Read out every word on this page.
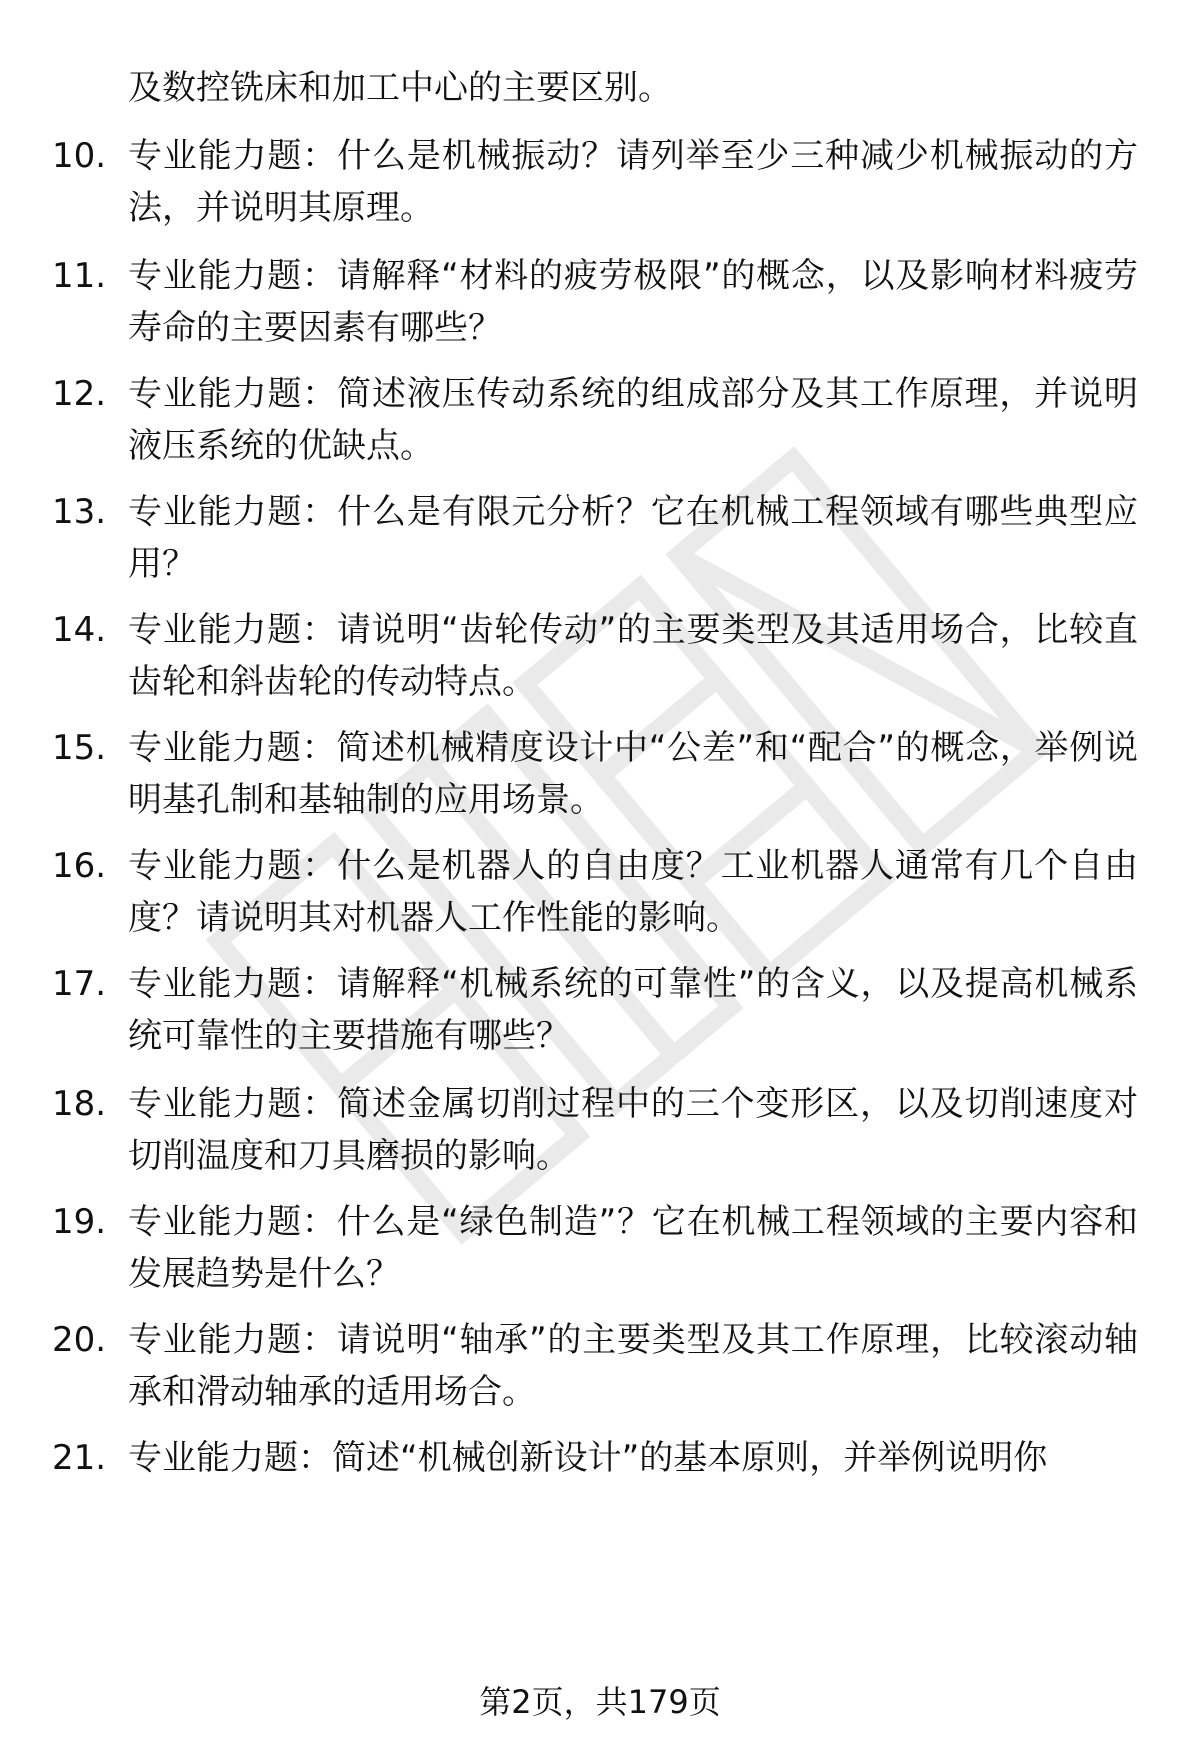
及数控铣床和加工中心的主要区别。
10. 专业能力题：什么是机械振动？请列举至少三种减少机械振动的方法，并说明其原理。
11. 专业能力题：请解释“材料的疲劳极限”的概念，以及影响材料疲劳寿命的主要因素有哪些？
12. 专业能力题：简述液压传动系统的组成部分及其工作原理，并说明液压系统的优缺点。
13. 专业能力题：什么是有限元分析？它在机械工程领域有哪些典型应用？
14. 专业能力题：请说明“齿轮传动”的主要类型及其适用场合，比较直齿轮和斜齿轮的传动特点。
15. 专业能力题：简述机械精度设计中“公差”和“配合”的概念，举例说明基孔制和基轴制的应用场景。
16. 专业能力题：什么是机器人的自由度？工业机器人通常有几个自由度？请说明其对机器人工作性能的影响。
17. 专业能力题：请解释“机械系统的可靠性”的含义，以及提高机械系统可靠性的主要措施有哪些？
18. 专业能力题：简述金属切削过程中的三个变形区，以及切削速度对切削温度和刀具磨损的影响。
19. 专业能力题：什么是“绿色制造”？它在机械工程领域的主要内容和发展趋势是什么？
20. 专业能力题：请说明“轴承”的主要类型及其工作原理，比较滚动轴承和滑动轴承的适用场合。
21. 专业能力题：简述“机械创新设计”的基本原则，并举例说明你
第2页，共179页
